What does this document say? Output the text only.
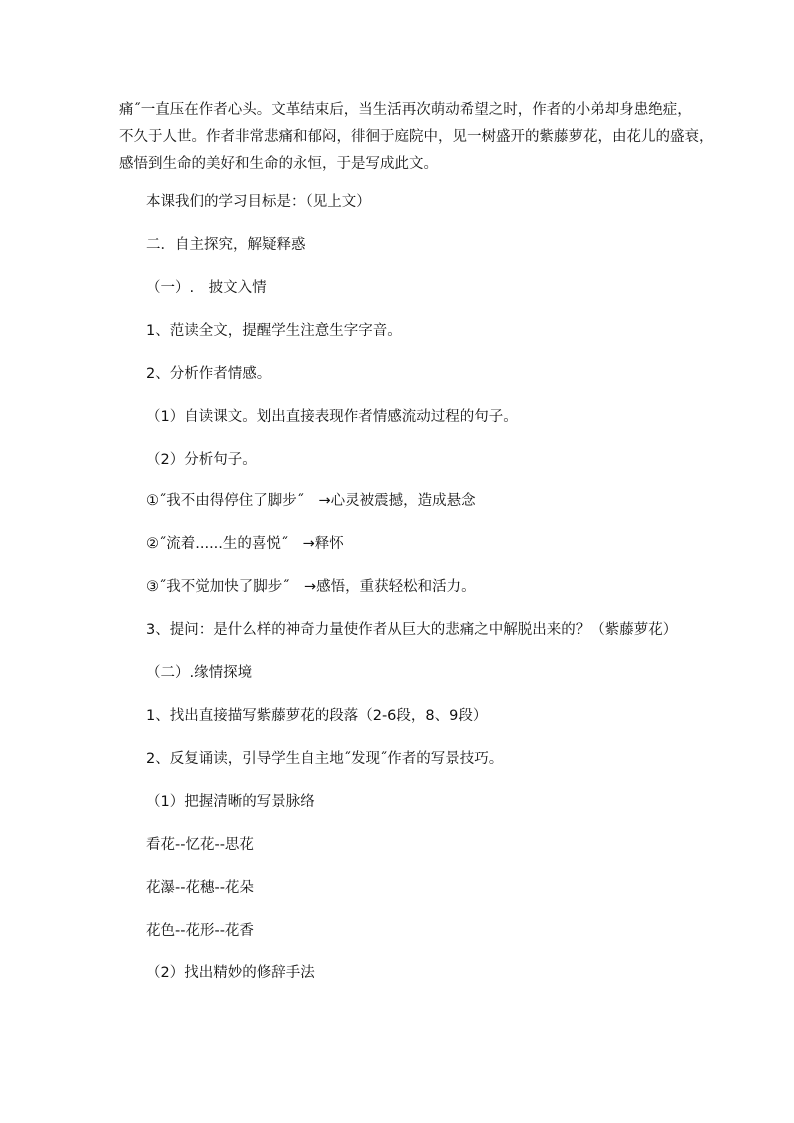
痛˝一直压在作者心头。文革结束后，当生活再次萌动希望之时，作者的小弟却身患绝症，
不久于人世。作者非常悲痛和郁闷，徘徊于庭院中，见一树盛开的紫藤萝花，由花儿的盛衰，
感悟到生命的美好和生命的永恒，于是写成此文。

本课我们的学习目标是：（见上文）

二．自主探究，解疑释惑

（一）.　披文入情

1、范读全文，提醒学生注意生字字音。

2、分析作者情感。

（1）自读课文。划出直接表现作者情感流动过程的句子。

（2）分析句子。

①˝我不由得停住了脚步˝　→心灵被震撼，造成悬念

②˝流着......生的喜悦˝　→释怀

③˝我不觉加快了脚步˝　→感悟，重获轻松和活力。

3、提问：是什么样的神奇力量使作者从巨大的悲痛之中解脱出来的？（紫藤萝花）

（二）.缘情探境

1、找出直接描写紫藤萝花的段落（2-6段，8、9段）

2、反复诵读，引导学生自主地˝发现˝作者的写景技巧。

（1）把握清晰的写景脉络

看花--忆花--思花

花瀑--花穗--花朵

花色--花形--花香

（2）找出精妙的修辞手法
